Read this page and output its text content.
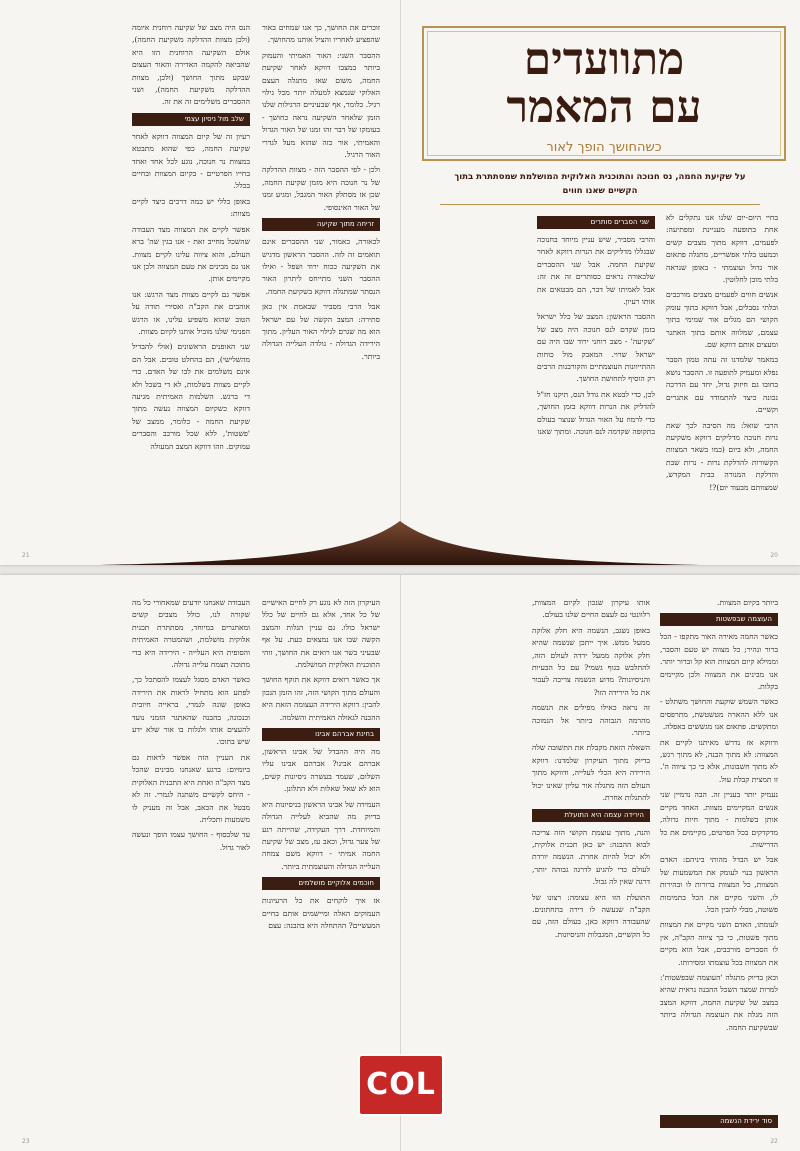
מתוועדים
עם המאמר
כשהחושך הופך לאור
על שקיעת החמה, נס חנוכה והתוכנית האלוקית המושלמת שמסתתרת בתוך הקשיים שאנו חווים

בחיי היום-יום שלנו אנו נתקלים לא אחת בתופעה מעניינת ומפתיעה: לפעמים, דווקא מתוך מצבים קשים וכמעט בלתי אפשריים, מתגלה פתאום אור גדול ועוצמתי - באופן שנראה בלתי מובן לחלוטין.

אנשים חווים לפעמים מצבים מורכבים ובלתי נסבלים, אבל דווקא בתוך עומק הקושי הם מגלים אור שמימי בתוך עצמם, שמלווה אותם בתוך האתגר ומעצים אותם דווקא שם.

במאמר שלמדנו זה עתה טמון הסבר נפלא ומעמיק לתופעה זו. ההסבר נושא בחובו גם חיזוק גדול, יחד עם הדרכה נכונה כיצד להתמודד עם אתגרים וקשיים.

הרבי שואל: מה הסיבה לכך שאת נרות חנוכה מדליקים דווקא משקיעת החמה, ולא ביום (כמו בשאר המצוות הקשורות להדלקת נרות - נרות שבת והדלקת המנורה בבית המקדש, שמצוותם מבעוד יום)?!

שני הסברים סותרים

והרבי מסביר, שיש עניין מיוחד בחנוכה שבגללו מדליקים את הנרות דווקא לאחר שקיעת החמה. אבל שני ההסברים שלכאורה נראים כסותרים זה את זה: אבל לאמיתו של דבר, הם מבטאים את אותו רעיון.

ההסבר הראשון: המצב של כלל ישראל בזמן שקדם לנס חנוכה היה מצב של 'שקיעה' - מצב רוחני ירוד שבו היה עם ישראל שרוי. המאבק מול כוחות ההתייוונות העוצמתיים והקורבנות הרבים רק הוסיף לתחושת החושך.

לכן, כדי לבטא את גודל הנס, תיקנו חז"ל להדליק את הנרות דווקא בזמן החושך, כדי לרמוז על האור הגדול שנוצר בעולם בתקופה שקדמה לנס חנוכה. ומתוך שאנו

20

זוכרים את החושך, כך אנו שמחים באור שהפציע לאחריו והציל אותנו מהחושך.

ההסבר השני: האור האמיתי והעמוק ביותר במצבו דווקא לאחר שקיעת החמה, משום שאז מתגלה העצם האלוקי שנמצא למעלה יותר מכל גילוי רגיל. כלומר, אף שבעיניים הרגילות שלנו הזמן שלאחר השקיעה נראה כחושך - בעומקו של דבר זהו זמנו של האור הגדול והאמיתי, אור כזה שהוא מעל לגדרי האור הרגיל.

ולכן - לפי ההסבר הזה - מצוות ההדלקה של נר חנוכה היא מזמן שקיעת החמה, שכן אז מסתלק האור המגבל, ומגיע זמנו של האור האינסופי.

זריחה מתוך שקיעה

לכאורה, כאמור, שני ההסברים אינם תואמים זה לזה. ההסבר הראשון מדגיש את השקיעה ככוח ירוד ושפל - ואילו ההסבר השני מתייחס ליתרון האור הנסתר שמתגלה דווקא בשקיעת החמה.

אבל הרבי מסביר שבאמת אין כאן סתירה: המצב הקשה של עם ישראל הוא מה שגרם לגילוי האור העליון. מתוך הירידה הגדולה - נולדה העלייה הגדולה ביותר.

הנס היה מצב של שקיעה רוחנית איומה (ולכן מצוות ההדלקה משקיעת החמה), אולם השקיעה הרוחנית הזו היא שהביאה להקמה האדירה והאור העצום שבקע מתוך החושך (ולכן, מצוות ההדלקה משקיעת החמה), ושני ההסברים משלימים זה את זה.

שלב מול ניסיון עצמי

רעיון זה של קיום המצווה דווקא לאחר שקיעת החמה, כפי שהוא מתבטא במצוות נר חנוכה, נוגע לכל אחד ואחד בחייו הפרטיים - בקיום המצוות ובחיים בכלל.

באופן כללי יש כמה דרכים כיצד לקיים מצוות:

אפשר לקיים את המצווה מצד העבודה שהשכל מחייב זאת - אנו בגין שה' ברא העולם, והוא ציווה עלינו לקיים מצוות. אנו גם מבינים את טעם המצווה ולכן אנו מקיימים אותן.

אפשר גם לקיים מצוות מצד הרגש: אנו אוהבים את הקב"ה ואסירי תודה על הטוב שהוא משפיע עלינו, או הרגש הפנימי שלנו מוביל אותנו לקיום מצוות.

שני האופנים הראשונים (אולי להבדיל מהשלישי), הם בהחלט טובים. אבל הם אינם משלמים את לבו של האדם. כדי לקיים מצוות בשלמות, לא די בשכל ולא די ברגש. השלמות האמיתית מגיעה דווקא כשקיום המצווה נעשה מתוך שקיעת החמה - כלומר, ממצב של 'פשטות', ללא שכל מורכב והסברים עמוקים. וזהו דווקא המצב המעולה

21

ביותר בקיום המצוות.

העוצמה שבפשטות

כאשר החמה מאירה האור מתקפו - הכל ברור ונהיר; כל מצווה יש טעם והסבר, וממילא קיום המצוות הוא קל וברור יותר. אנו מבינים את המצווה ולכן מקיימים בקלות.

כאשר השמש שוקעת והחושך משתלט - אנו ללא ההארה מטשטשת, מתרפסים ומתקשים. פתאום אנו מגששים באפלה.

ודווקא אז נדרש מאיתנו לקיים את המצווה: לא מתוך הבנה, לא מתוך רגש, לא מתוך חשבונות, אלא כי כך ציווה ה'. זו תמצית קבלת עול.

נעמיק יותר בעניין זה. הבה נדמיין שני אנשים המקיימים מצוות. האחד מקיים אותן בשלמות - מתוך חיות גדולה, מדקדקים בכל הפרטים, מקיימים את כל הדרישות.

אבל יש הבדל מהותי ביניהם: האדם הראשון בנוי לעומק את המשמעות של המצוות, כל המצוות ברורות לו ובהירות לו, והשני מקיים את הכל בתמימות פשוטה, מבלי להבין הכל.

לעומתו, האדם השני מקיים את המצוות מתוך פשטות, כי כך ציווה הקב"ה, אין לו הסברים מורכבים, אבל הוא מקיים את המצוות בכל עוצמתו ומסירותו.

וכאן בדיוק מתגלה 'העוצמה שבפשטות': למרות שמצד השכל ההבנה נראית שהיא במצב של שקיעת החמה, דווקא המצב הזה מגלה את העוצמה הגדולה ביותר שבשקיעת החמה.

סוד ירידת הנשמה

אותו עיקרון שנכון לקיום המצוות, רלוונטי גם לעצם החיים שלנו בעולם.

באופן נשגב, הנשמה היא חלק אלוקה ממעל ממש. איך ייתכן שנשמה שהיא חלק אלוקה ממעל ירדה לעולם הזה, להתלבש בגוף גשמי? עם כל הבעיות והניסיונות? מדוע הנשמה צריכה לעבור את כל הירידה הזו?

זה נראה כאילו מפילים את הנשמה מהרמה הגבוהה ביותר אל הנמוכה ביותר.

השאלה הזאת מקבלת את התשובה שלה בדיוק מתוך העיקרון שלמדנו: דווקא הירידה היא הכלי לעלייה, ודווקא מתוך העולם הזה מתגלה אור עליון שאינו יכול להתגלות אחרת.

הירידה עצמה היא התועלת

והנה, מתוך עוצמת הקושי הזה צריכה לבוא ההבנה: יש כאן תכנית אלוקית, ולא יכול להיות אחרת. הנשמה יורדת לעולם כדי להגיע לדרגה גבוהה יותר, דרגה שאין לה גבול.

התועלת הזו היא עצומה: רצונו של הקב"ה שנעשה לו דירה בתחתונים. שהעבודה דווקא כאן, בעולם הזה, עם כל הקשיים, המגבלות והניסיונות.

22

העיקרון הזה לא נוגע רק לחיים האישיים של כל אחד, אלא גם לחיים של כלל ישראל כולו. גם עניין הגלות והמצב הקשה שבו אנו נמצאים כעת. על אף שבעיני בשר אנו רואים את החושך, זוהי התוכנית האלוקית המושלמת.

אך כאשר רואים דווקא את תוקף החושך והעולם מתוך הקושי הזה, זהו הזמן הנכון להבין: דווקא הירידה העצומה הזאת היא ההכנה לגאולה האמיתית והשלמה.

בחינת אברהם אבינו

מה היה ההבדל של אבינו הראשון, אברהם אבינו? אברהם אבינו עליו השלום, שעמד בעשרה ניסיונות קשים, הוא לא שאל שאלות ולא התלונן.

העמידה של אבינו הראשון בניסיונות היא בדיוק מה שהביא לעלייה הגדולה והמיוחדת. דרך העקידה, שהייתה רגע של צער גדול, וכאב עז, מצב של שקיעת החמה אמיתי - דווקא משם צמחה העלייה הגדולה והעוצמתית ביותר.

חוכמים אלוקיים מושלמים

אז איך לוקחים את כל הרעיונות העמוקים האלה ומיישמים אותם בחיים המעשיים? ההתחלה היא בהבנה: עצם

העבודה שאנחנו יודעים שמאחורי כל מה שקורה לנו, כולל מצבים קשים ומאתגרים במיוחד, מסתתרת תכנית אלוקית מושלמת, ושהמטרה האמיתית והסופית היא העלייה - הירידה היא כדי מתוכה תצמח עלייה גדולה.

כאשר האדם מסגל לעצמו להסתכל כך, לפתע הוא מתחיל לראות את הירידה באופן שונה לגמרי, בראייה חיובית וכנכונה, בהבנה שהאתגר הזמני נועד להעצים אותו ולגלות בו אור שלא ידע שיש בתוכו.

את העניין הזה אפשר לראות גם ביומיום: ברגע שאנחנו מבינים שהכל מצד הקב"ה ואחת היא התכנית האלוקית - היחס לקשיים משתנה לגמרי. זה לא מבטל את הכאב, אבל זה מעניק לו משמעות ותכלית.

עד שלבסוף - החושך עצמו הופך ונעשה לאור גדול.

23
COL
